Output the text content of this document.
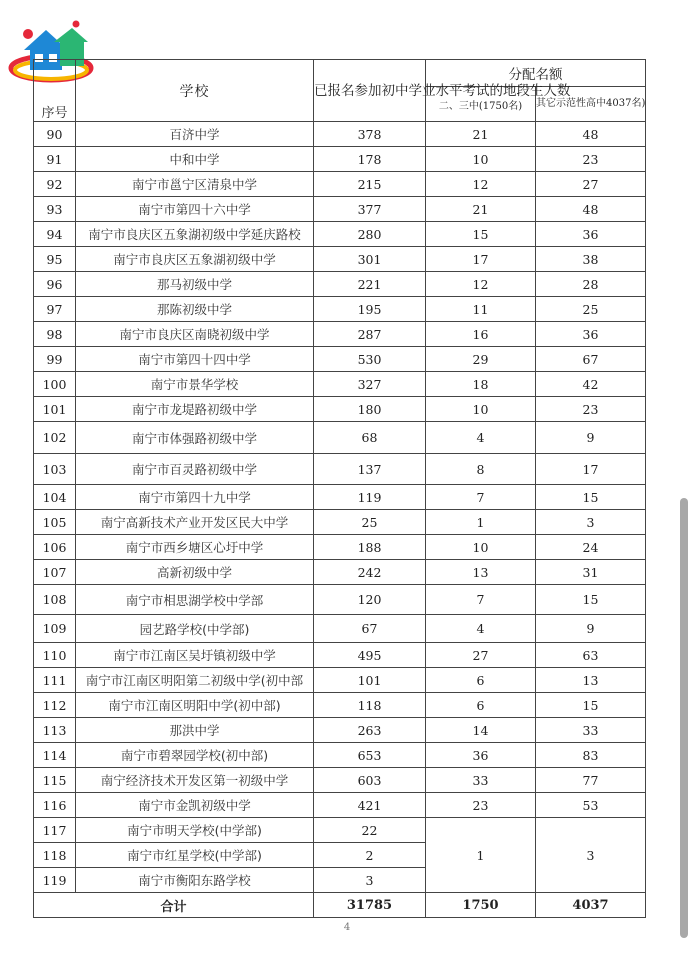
序号	学校	已报名参加初中学业水平考试的地段生人数	分配名额	
			二、三中(1750名)	其它示范性高中4037名)
90	百济中学	378	21	48
91	中和中学	178	10	23
92	南宁市邕宁区清泉中学	215	12	27
93	南宁市第四十六中学	377	21	48
94	南宁市良庆区五象湖初级中学延庆路校	280	15	36
95	南宁市良庆区五象湖初级中学	301	17	38
96	那马初级中学	221	12	28
97	那陈初级中学	195	11	25
98	南宁市良庆区南晓初级中学	287	16	36
99	南宁市第四十四中学	530	29	67
100	南宁市景华学校	327	18	42
101	南宁市龙堤路初级中学	180	10	23
102	南宁市体强路初级中学	68	4	9
103	南宁市百灵路初级中学	137	8	17
104	南宁市第四十九中学	119	7	15
105	南宁高新技术产业开发区民大中学	25	1	3
106	南宁市西乡塘区心圩中学	188	10	24
107	高新初级中学	242	13	31
108	南宁市相思湖学校中学部	120	7	15
109	园艺路学校(中学部)	67	4	9
110	南宁市江南区吴圩镇初级中学	495	27	63
111	南宁市江南区明阳第二初级中学(初中部	101	6	13
112	南宁市江南区明阳中学(初中部)	118	6	15
113	那洪中学	263	14	33
114	南宁市碧翠园学校(初中部)	653	36	83
115	南宁经济技术开发区第一初级中学	603	33	77
116	南宁市金凯初级中学	421	23	53
117	南宁市明天学校(中学部)	22	1	3
118	南宁市红星学校(中学部)	2		
119	南宁市衡阳东路学校	3		
合计		31785	1750	4037
4
